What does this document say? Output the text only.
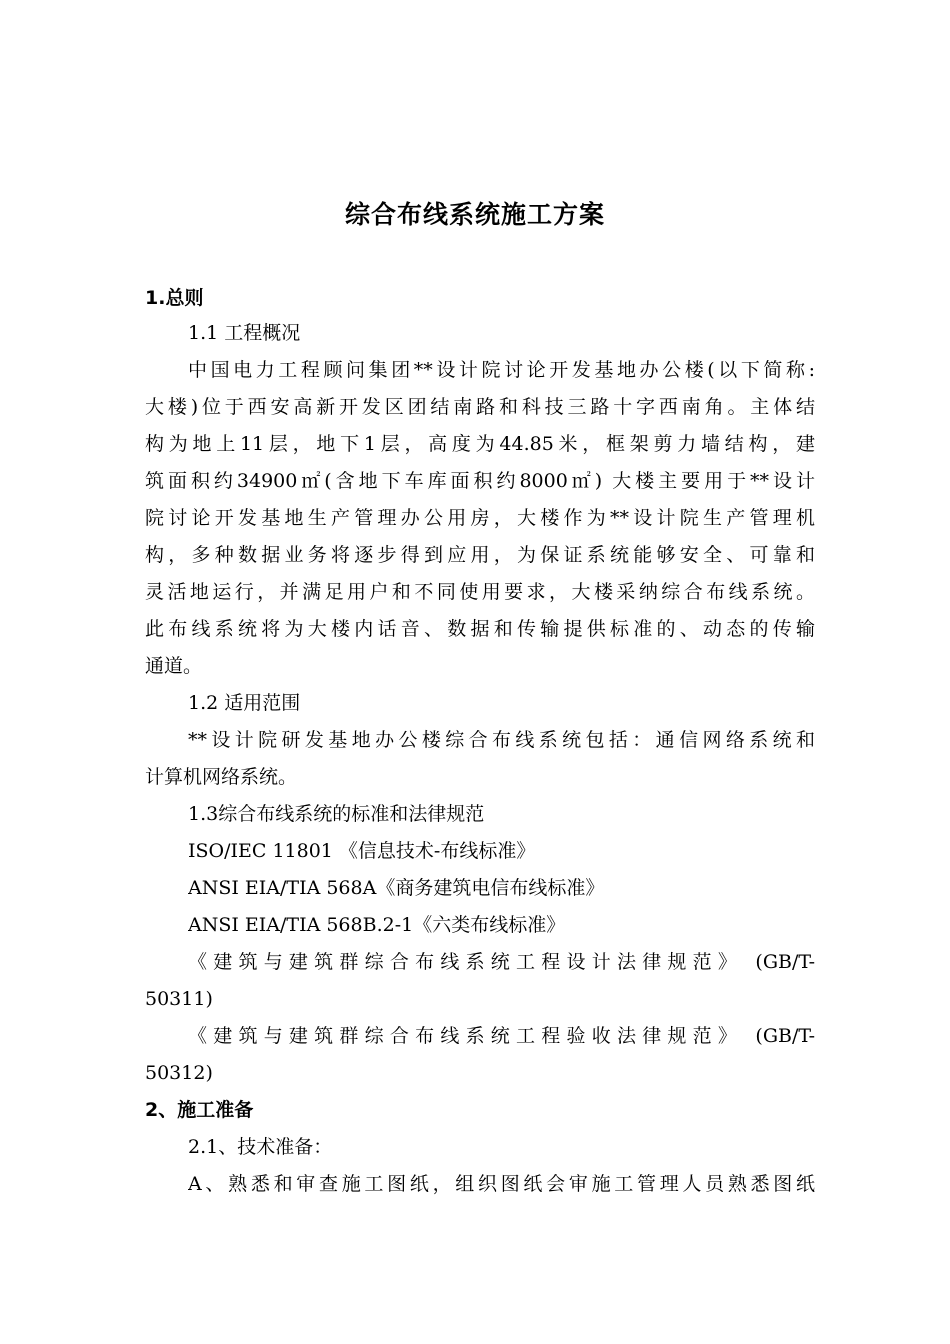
综合布线系统施工方案
1.总则
1.1 工程概况
中国电力工程顾问集团**设计院讨论开发基地办公楼(以下简称:
大楼)位于西安高新开发区团结南路和科技三路十字西南角。主体结
构为地上11层，地下1层，高度为44.85米，框架剪力墙结构，建
筑面积约34900㎡(含地下车库面积约8000㎡) 大楼主要用于**设计
院讨论开发基地生产管理办公用房，大楼作为**设计院生产管理机
构，多种数据业务将逐步得到应用，为保证系统能够安全、可靠和
灵活地运行，并满足用户和不同使用要求，大楼采纳综合布线系统。
此布线系统将为大楼内话音、数据和传输提供标准的、动态的传输
通道。
1.2 适用范围
**设计院研发基地办公楼综合布线系统包括：通信网络系统和
计算机网络系统。
1.3综合布线系统的标准和法律规范
ISO/IEC 11801 《信息技术-布线标准》
ANSI EIA/TIA 568A《商务建筑电信布线标准》
ANSI EIA/TIA 568B.2-1《六类布线标准》
《建筑与建筑群综合布线系统工程设计法律规范》 (GB/T-
50311)
《建筑与建筑群综合布线系统工程验收法律规范》 (GB/T-
50312)
2、施工准备
2.1、技术准备：
A、熟悉和审查施工图纸，组织图纸会审施工管理人员熟悉图纸
